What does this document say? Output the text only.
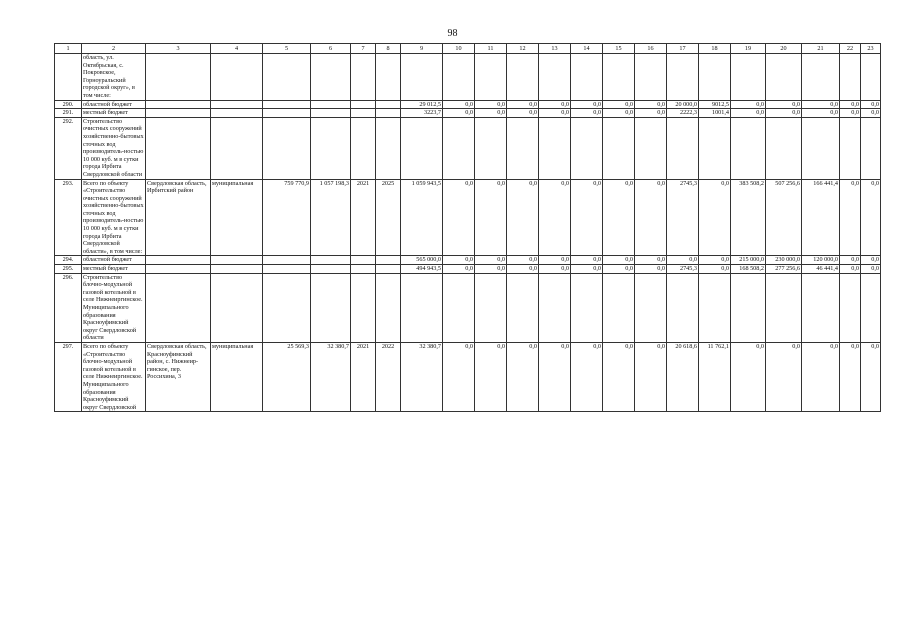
98
1	2	3	4	5	6	7	8	9	10	11	12	13	14	15	16	17	18	19	20	21	22	23
	область, ул. Октябрьская, с. Покровское, Горноуральский городской округ», в том числе:																					
290.	областной бюджет							29 012,5	0,0	0,0	0,0	0,0	0,0	0,0	0,0	20 000,0	9012,5	0,0	0,0	0,0	0,0	0,0
291.	местный бюджет							3223,7	0,0	0,0	0,0	0,0	0,0	0,0	0,0	2222,3	1001,4	0,0	0,0	0,0	0,0	0,0
292.	Строительство очистных сооружений хозяйственно-бытовых сточных вод производитель-ностью 10 000 куб. м в сутки города Ирбита Свердловской области																					
293.	Всего по объекту «Строительство очистных сооружений хозяйственно-бытовых сточных вод производитель-ностью 10 000 куб. м в сутки города Ирбита Свердловской области», в том числе:	Свердловская область, Ирбитский район	муниципальная	759 770,9	1 057 198,3	2021	2025	1 059 943,5	0,0	0,0	0,0	0,0	0,0	0,0	0,0	2745,3	0,0	383 508,2	507 256,6	166 441,4	0,0	0,0
294.	областной бюджет							565 000,0	0,0	0,0	0,0	0,0	0,0	0,0	0,0	0,0	0,0	215 000,0	230 000,0	120 000,0	0,0	0,0
295.	местный бюджет							494 943,5	0,0	0,0	0,0	0,0	0,0	0,0	0,0	2745,3	0,0	168 508,2	277 256,6	46 441,4	0,0	0,0
296.	Строительство блочно-модульной газовой котельной в селе Нижнеиргинское. Муниципального образования Красноуфимский округ Свердловской области																					
297.	Всего по объекту «Строительство блочно-модульной газовой котельной в селе Нижнеиргинское. Муниципального образования Красноуфимский округ Свердловской	Свердловская область, Красноуфимский район, с. Нижнеир-гинское, пер. Россихина, 3	муниципальная	25 569,3	32 380,7	2021	2022	32 380,7	0,0	0,0	0,0	0,0	0,0	0,0	0,0	20 618,6	11 762,1	0,0	0,0	0,0	0,0	0,0
